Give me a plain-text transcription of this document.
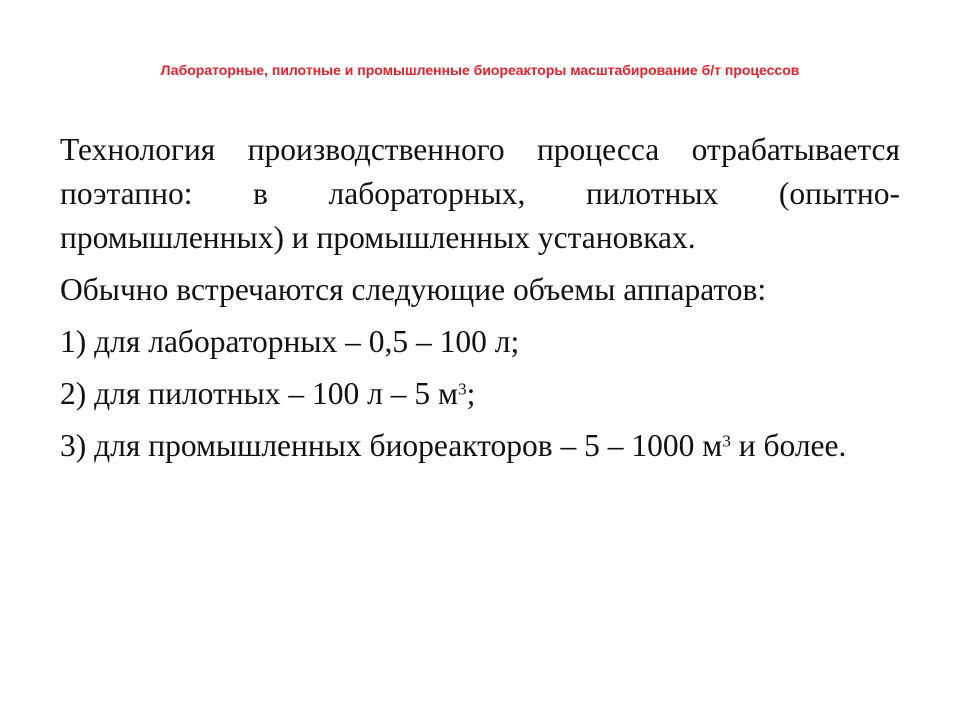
Лабораторные, пилотные и промышленные биореакторы масштабирование б/т процессов

Технология производственного процесса отрабатывается поэтапно: в лабораторных, пилотных (опытно-промышленных) и промышленных установках.

Обычно встречаются следующие объемы аппаратов:

1) для лабораторных – 0,5 – 100 л;

2) для пилотных – 100 л – 5 $м^3$;

3) для промышленных биореакторов – 5 – 1000 $м^3$ и более.
